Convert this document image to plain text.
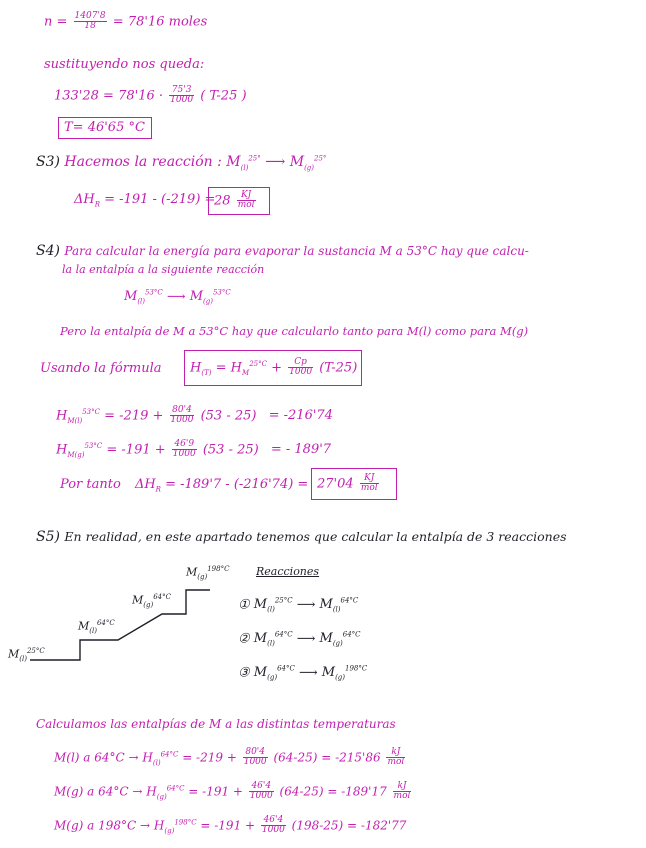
$n = \frac{1407'8}{18} = 78'16$ moles
sustituyendo nos queda:
$133'28 = 78'16 \cdot \frac{75'3}{1000}$ ( T-25 )
T= 46'65 °C
S3) Hacemos la reacción : $M_{(l)}^{25^\circ}$ ⟶ $M_{(g)}^{25^\circ}$
$\Delta H_R = -191 - (-219)$ =
$28 \frac{KJ}{\text{mol}}$
S4) Para calcular la energía para evaporar la sustancia M a 53°C hay que calcu-
la la entalpía a la siguiente reacción
$M_{(l)}^{53^\circ C}$ ⟶ $M_{(g)}^{53^\circ C}$
Pero la entalpía de M a 53°C hay que calcularlo tanto para M(l) como para M(g)
Usando la fórmula $H_{(T)} = H_M^{25^\circ C} + \frac{Cp}{1000} (T-25)$
$H_{M(l)}^{53^\circ C} = -219 + \frac{80'4}{1000} (53 - 25) = -216'74$
$H_{M(g)}^{53^\circ C} = -191 + \frac{46'9}{1000} (53 - 25)$ = - 189'7
Por tanto $\Delta H_R = -189'7 - (-216'74) = 27'04 \frac{KJ}{\text{mol}}$
S5) En realidad, en este apartado tenemos que calcular la entalpía de 3 reacciones
$M_{(l)}^{25^\circ C}$
$M_{(l)}^{64^\circ C}$
$M_{(g)}^{64^\circ C}$
$M_{(g)}^{198^\circ C}$ Reacciones
① $M_{(l)}^{25^\circ C}$ ⟶ $M_{(l)}^{64^\circ C}$
② $M_{(l)}^{64^\circ C}$ ⟶ $M_{(g)}^{64^\circ C}$
③ $M_{(g)}^{64^\circ C}$ ⟶ $M_{(g)}^{198^\circ C}$
Calculamos las entalpías de M a las distintas temperaturas
M(l) a $64^\circ C \to H_{(l)}^{64^\circ C} = -219 + \frac{80'4}{1000} (64-25) = -215'86 \frac{kJ}{\text{mol}}$
M(g) a $64^\circ C \to H_{(g)}^{64^\circ C} = -191 + \frac{46'4}{1000} (64-25) = -189'17 \frac{kJ}{\text{mol}}$
M(g) a $198^\circ C \to H_{(g)}^{198^\circ C} = -191 + \frac{46'4}{1000} (198-25) = -182'77$
